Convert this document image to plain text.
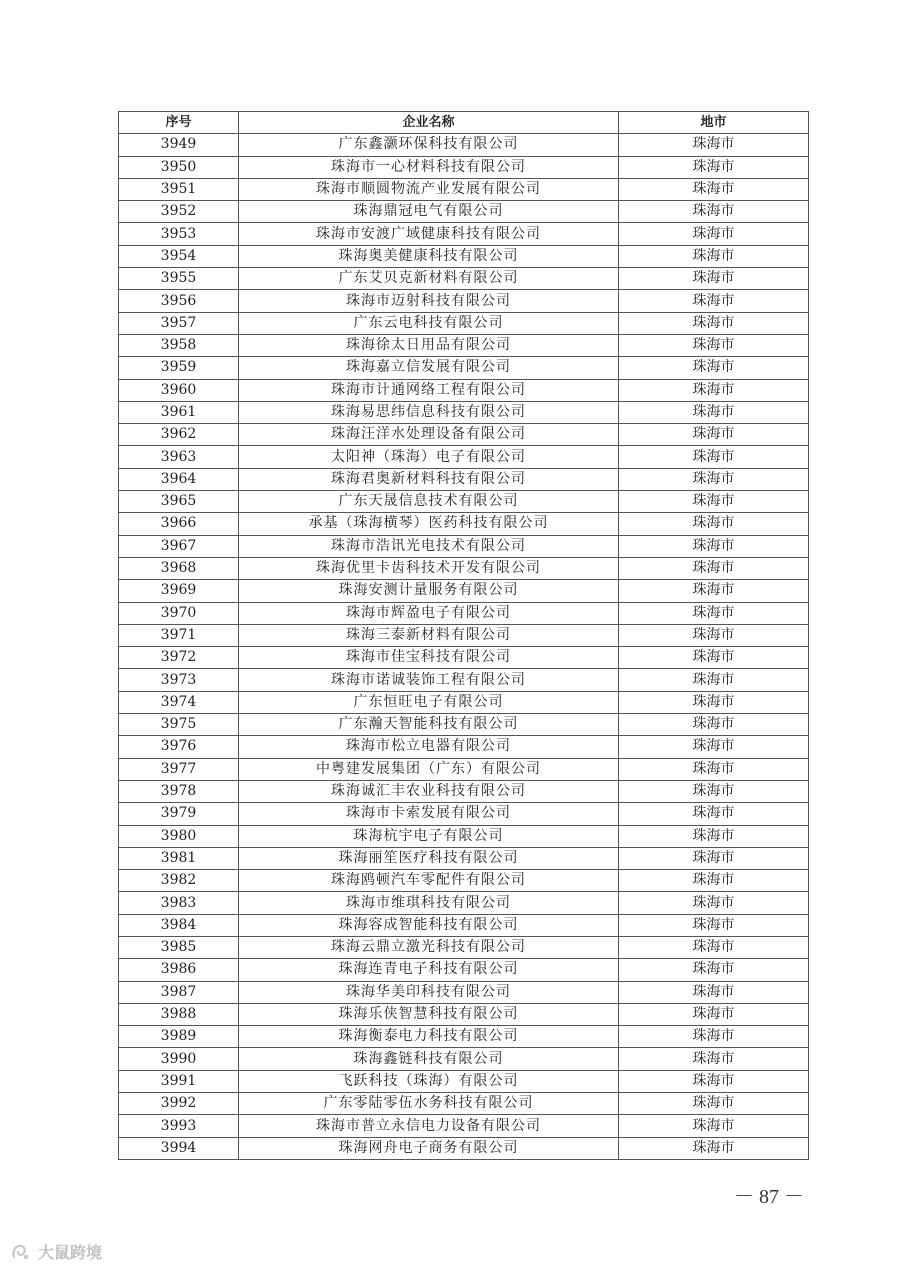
序号	企业名称	地市
3949	广东鑫灏环保科技有限公司	珠海市
3950	珠海市一心材料科技有限公司	珠海市
3951	珠海市顺圆物流产业发展有限公司	珠海市
3952	珠海鼎冠电气有限公司	珠海市
3953	珠海市安渡广域健康科技有限公司	珠海市
3954	珠海奥美健康科技有限公司	珠海市
3955	广东艾贝克新材料有限公司	珠海市
3956	珠海市迈射科技有限公司	珠海市
3957	广东云电科技有限公司	珠海市
3958	珠海徐太日用品有限公司	珠海市
3959	珠海嘉立信发展有限公司	珠海市
3960	珠海市计通网络工程有限公司	珠海市
3961	珠海易思纬信息科技有限公司	珠海市
3962	珠海汪洋水处理设备有限公司	珠海市
3963	太阳神（珠海）电子有限公司	珠海市
3964	珠海君奥新材料科技有限公司	珠海市
3965	广东天晟信息技术有限公司	珠海市
3966	承基（珠海横琴）医药科技有限公司	珠海市
3967	珠海市浩讯光电技术有限公司	珠海市
3968	珠海优里卡齿科技术开发有限公司	珠海市
3969	珠海安测计量服务有限公司	珠海市
3970	珠海市辉盈电子有限公司	珠海市
3971	珠海三泰新材料有限公司	珠海市
3972	珠海市佳宝科技有限公司	珠海市
3973	珠海市诺诚装饰工程有限公司	珠海市
3974	广东恒旺电子有限公司	珠海市
3975	广东瀚天智能科技有限公司	珠海市
3976	珠海市松立电器有限公司	珠海市
3977	中粤建发展集团（广东）有限公司	珠海市
3978	珠海诚汇丰农业科技有限公司	珠海市
3979	珠海市卡索发展有限公司	珠海市
3980	珠海杭宇电子有限公司	珠海市
3981	珠海丽笙医疗科技有限公司	珠海市
3982	珠海鸥顿汽车零配件有限公司	珠海市
3983	珠海市维琪科技有限公司	珠海市
3984	珠海容成智能科技有限公司	珠海市
3985	珠海云鼎立激光科技有限公司	珠海市
3986	珠海连青电子科技有限公司	珠海市
3987	珠海华美印科技有限公司	珠海市
3988	珠海乐侠智慧科技有限公司	珠海市
3989	珠海衡泰电力科技有限公司	珠海市
3990	珠海鑫链科技有限公司	珠海市
3991	飞跃科技（珠海）有限公司	珠海市
3992	广东零陆零伍水务科技有限公司	珠海市
3993	珠海市普立永信电力设备有限公司	珠海市
3994	珠海网舟电子商务有限公司	珠海市
－ 87 －
大鼠跨境
